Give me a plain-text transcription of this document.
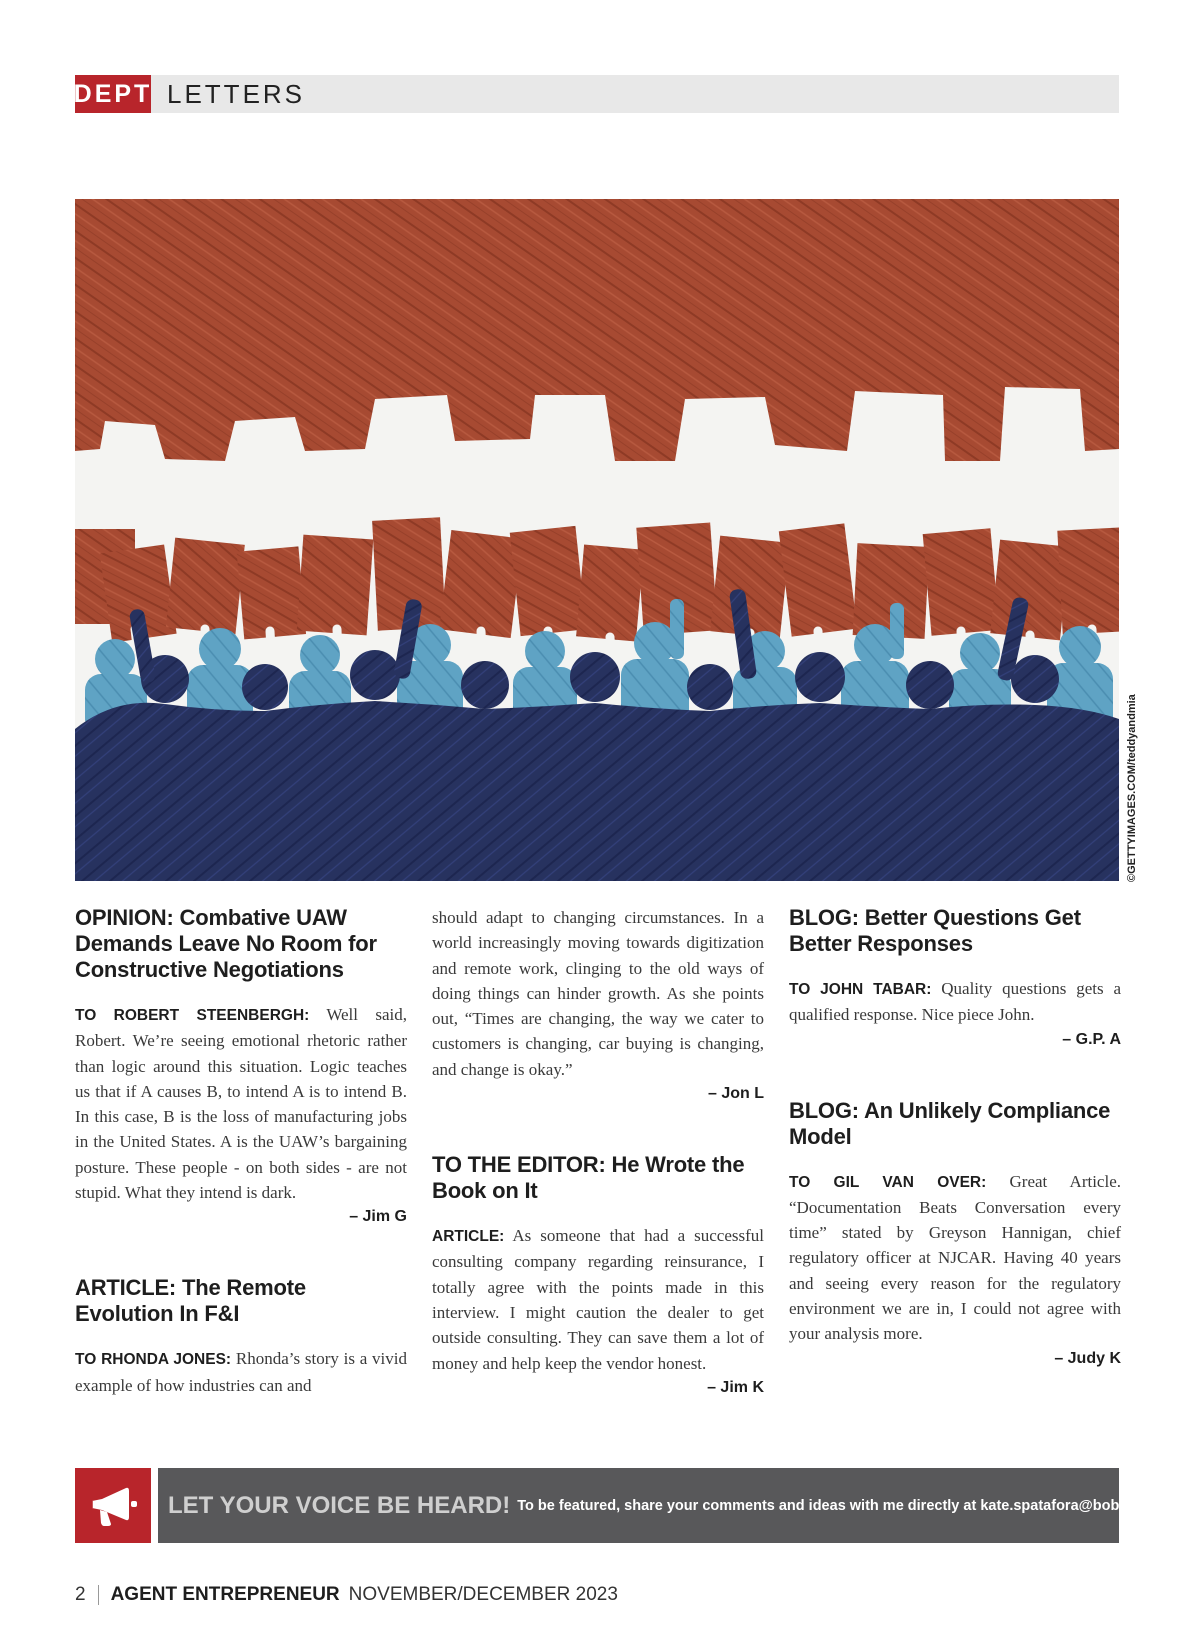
DEPT LETTERS
©GETTYIMAGES.COM/teddyandmia
OPINION: Combative UAW Demands Leave No Room for Constructive Negotiations

TO ROBERT STEENBERGH: Well said, Robert. We’re seeing emotional rhetoric rather than logic around this situation. Logic teaches us that if A causes B, to intend A is to intend B. In this case, B is the loss of manufacturing jobs in the United States. A is the UAW’s bargaining posture. These people - on both sides - are not stupid. What they intend is dark.

– Jim G
ARTICLE: The Remote Evolution In F&I

TO RHONDA JONES: Rhonda’s story is a vivid example of how industries can and

should adapt to changing circumstances. In a world increasingly moving towards digitization and remote work, clinging to the old ways of doing things can hinder growth. As she points out, “Times are changing, the way we cater to customers is changing, car buying is changing, and change is okay.”

– Jon L
TO THE EDITOR: He Wrote the Book on It

ARTICLE: As someone that had a successful consulting company regarding reinsurance, I totally agree with the points made in this interview. I might caution the dealer to get outside consulting. They can save them a lot of money and help keep the vendor honest.

– Jim K
BLOG: Better Questions Get Better Responses

TO JOHN TABAR: Quality questions gets a qualified response. Nice piece John.

– G.P. A
BLOG: An Unlikely Compliance Model

TO GIL VAN OVER: Great Article. “Documentation Beats Conversation every time” stated by Greyson Hannigan, chief regulatory officer at NJCAR. Having 40 years and seeing every reason for the regulatory environment we are in, I could not agree with your analysis more.

– Judy K
LET YOUR VOICE BE HEARD! To be featured, share your comments and ideas with me directly at kate.spatafora@bobit.com
2 AGENT ENTREPRENEUR NOVEMBER/DECEMBER 2023
